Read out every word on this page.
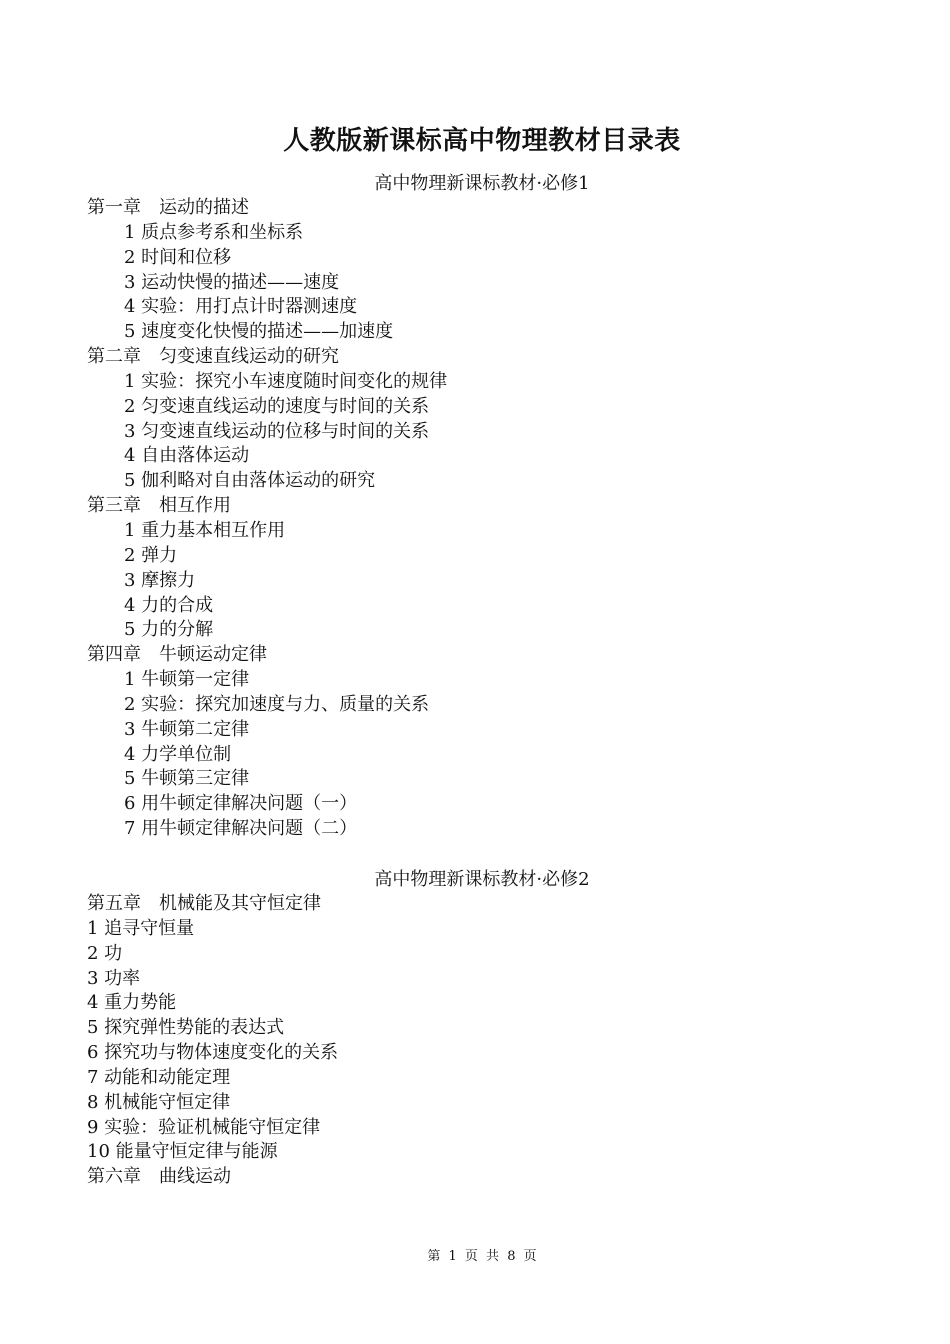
人教版新课标高中物理教材目录表
高中物理新课标教材·必修1
第一章　运动的描述
1 质点参考系和坐标系
2 时间和位移
3 运动快慢的描述——速度
4 实验：用打点计时器测速度
5 速度变化快慢的描述——加速度
第二章　匀变速直线运动的研究
1 实验：探究小车速度随时间变化的规律
2 匀变速直线运动的速度与时间的关系
3 匀变速直线运动的位移与时间的关系
4 自由落体运动
5 伽利略对自由落体运动的研究
第三章　相互作用
1 重力基本相互作用
2 弹力
3 摩擦力
4 力的合成
5 力的分解
第四章　牛顿运动定律
1 牛顿第一定律
2 实验：探究加速度与力、质量的关系
3 牛顿第二定律
4 力学单位制
5 牛顿第三定律
6 用牛顿定律解决问题（一）
7 用牛顿定律解决问题（二）
高中物理新课标教材·必修2
第五章　机械能及其守恒定律
1 追寻守恒量
2 功
3 功率
4 重力势能
5 探究弹性势能的表达式
6 探究功与物体速度变化的关系
7 动能和动能定理
8 机械能守恒定律
9 实验：验证机械能守恒定律
10 能量守恒定律与能源
第六章　曲线运动
第 1 页 共 8 页
